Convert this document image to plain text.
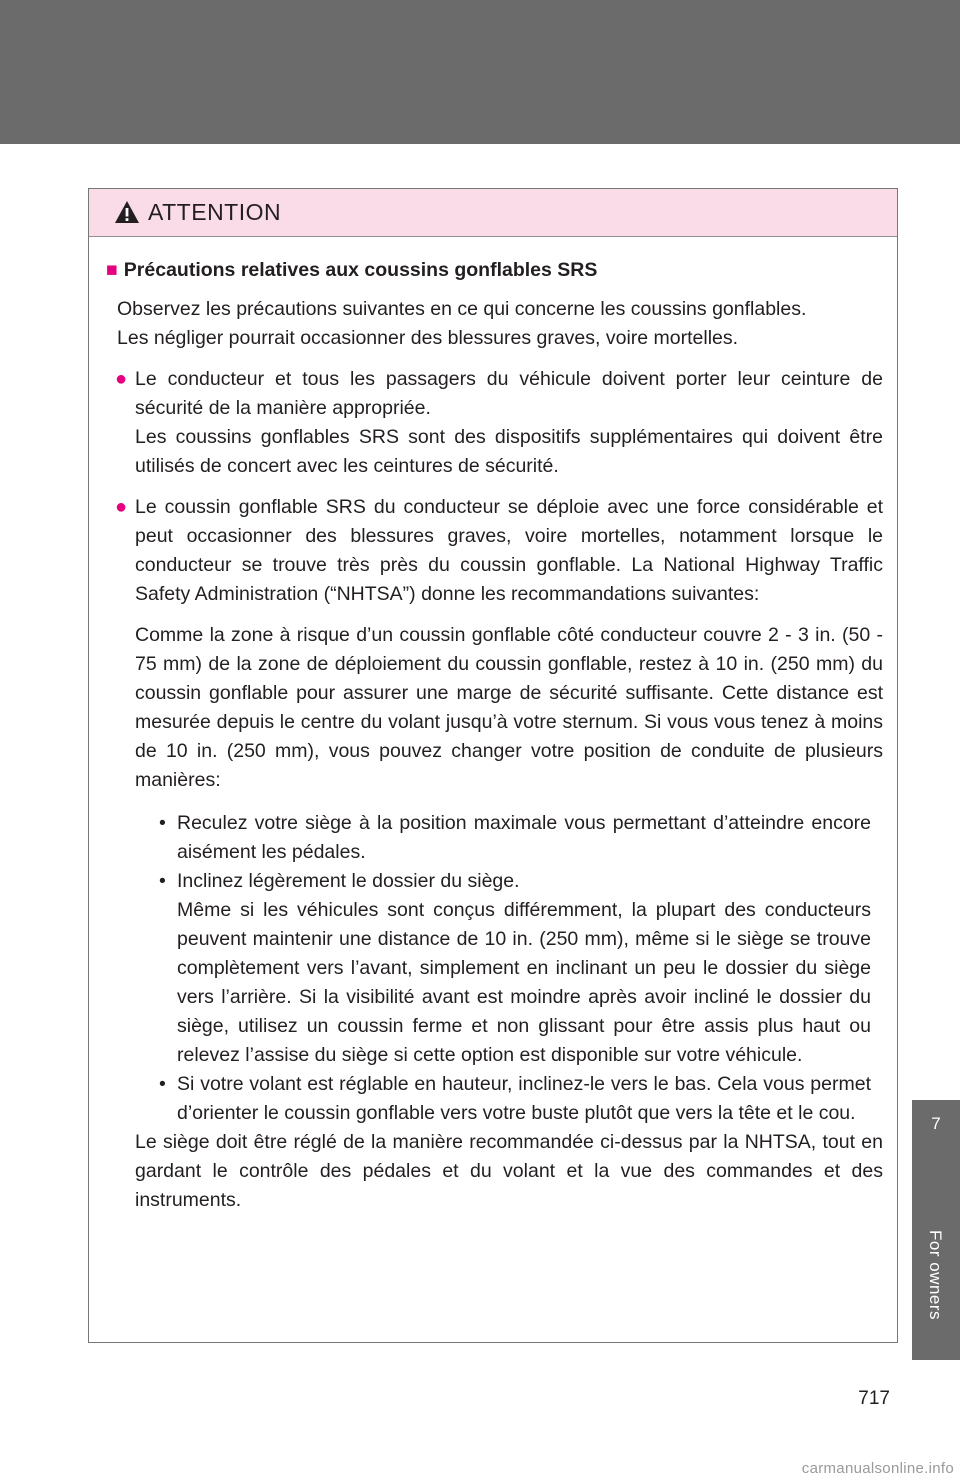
ATTENTION
■ Précautions relatives aux coussins gonflables SRS

Observez les précautions suivantes en ce qui concerne les coussins gonflables.

Les négliger pourrait occasionner des blessures graves, voire mortelles.

● Le conducteur et tous les passagers du véhicule doivent porter leur ceinture de sécurité de la manière appropriée.

Les coussins gonflables SRS sont des dispositifs supplémentaires qui doivent être utilisés de concert avec les ceintures de sécurité.

● Le coussin gonflable SRS du conducteur se déploie avec une force considérable et peut occasionner des blessures graves, voire mortelles, notamment lorsque le conducteur se trouve très près du coussin gonflable. La National Highway Traffic Safety Administration (“NHTSA”) donne les recommandations suivantes:

Comme la zone à risque d’un coussin gonflable côté conducteur couvre 2 - 3 in. (50 - 75 mm) de la zone de déploiement du coussin gonflable, restez à 10 in. (250 mm) du coussin gonflable pour assurer une marge de sécurité suffisante. Cette distance est mesurée depuis le centre du volant jusqu’à votre sternum. Si vous vous tenez à moins de 10 in. (250 mm), vous pouvez changer votre position de conduite de plusieurs manières:

• Reculez votre siège à la position maximale vous permettant d’atteindre encore aisément les pédales.

• Inclinez légèrement le dossier du siège.

Même si les véhicules sont conçus différemment, la plupart des conducteurs peuvent maintenir une distance de 10 in. (250 mm), même si le siège se trouve complètement vers l’avant, simplement en inclinant un peu le dossier du siège vers l’arrière. Si la visibilité avant est moindre après avoir incliné le dossier du siège, utilisez un coussin ferme et non glissant pour être assis plus haut ou relevez l’assise du siège si cette option est disponible sur votre véhicule.

• Si votre volant est réglable en hauteur, inclinez-le vers le bas. Cela vous permet d’orienter le coussin gonflable vers votre buste plutôt que vers la tête et le cou.

Le siège doit être réglé de la manière recommandée ci-dessus par la NHTSA, tout en gardant le contrôle des pédales et du volant et la vue des commandes et des instruments.

7
For owners
717
carmanualsonline.info
